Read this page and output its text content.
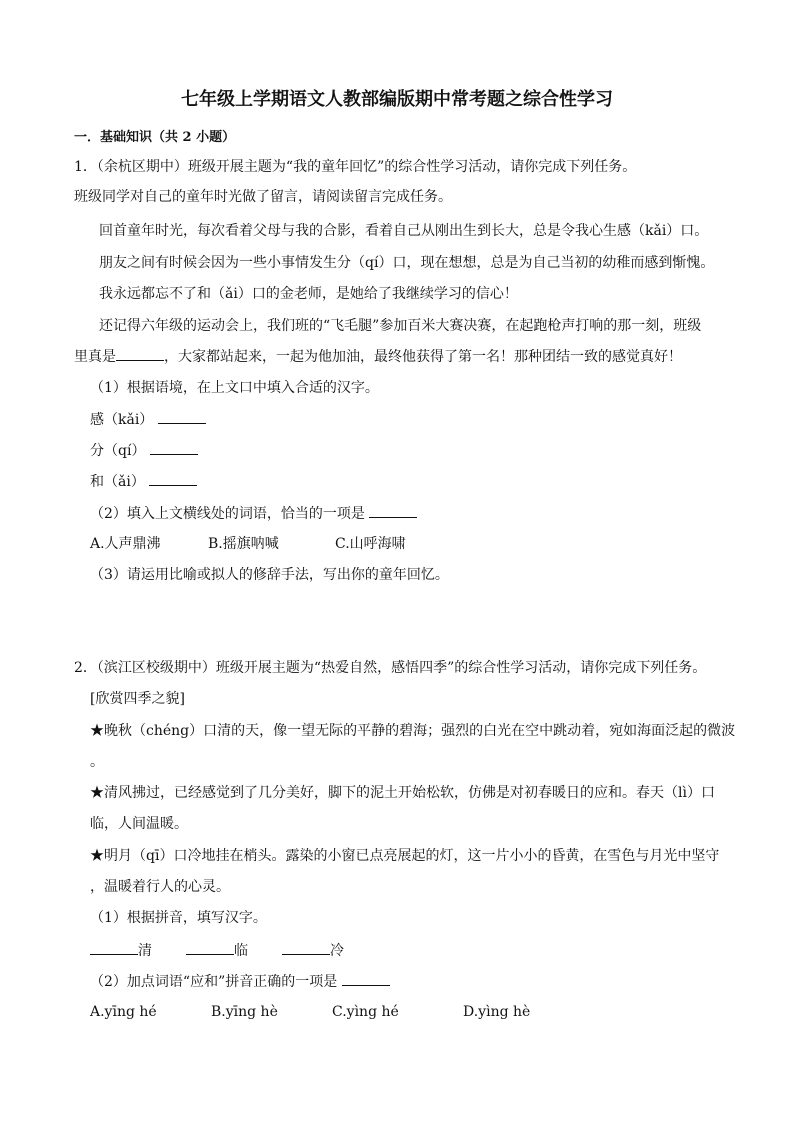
七年级上学期语文人教部编版期中常考题之综合性学习
一．基础知识（共 2 小题）
1．（余杭区期中）班级开展主题为“我的童年回忆”的综合性学习活动，请你完成下列任务。
班级同学对自己的童年时光做了留言，请阅读留言完成任务。
回首童年时光，每次看着父母与我的合影，看着自己从刚出生到长大，总是令我心生感（kǎi）口。
朋友之间有时候会因为一些小事情发生分（qí）口，现在想想，总是为自己当初的幼稚而感到惭愧。
我永远都忘不了和（ǎi）口的金老师，是她给了我继续学习的信心！
还记得六年级的运动会上，我们班的“飞毛腿”参加百米大赛决赛，在起跑枪声打响的那一刻，班级
里真是	，大家都站起来，一起为他加油，最终他获得了第一名！那种团结一致的感觉真好！
（1）根据语境，在上文口中填入合适的汉字。
感（kǎi）
分（qí）
和（ǎi）
（2）填入上文横线处的词语，恰当的一项是
A.人声鼎沸	B.摇旗呐喊	C.山呼海啸
（3）请运用比喻或拟人的修辞手法，写出你的童年回忆。
2．（滨江区校级期中）班级开展主题为“热爱自然，感悟四季”的综合性学习活动，请你完成下列任务。
[欣赏四季之貌]
★晚秋（chéng）口清的天，像一望无际的平静的碧海；强烈的白光在空中跳动着，宛如海面泛起的微波
。
★清风拂过，已经感觉到了几分美好，脚下的泥土开始松软，仿佛是对初春暖日的应和。春天（lì）口
临，人间温暖。
★明月（qī）口冷地挂在梢头。露染的小窗已点亮展起的灯，这一片小小的昏黄，在雪色与月光中坚守
，温暖着行人的心灵。
（1）根据拼音，填写汉字。
清	临	冷
（2）加点词语“应和”拼音正确的一项是
A.yīng hé	B.yīng hè	C.yìng hé	D.yìng hè
